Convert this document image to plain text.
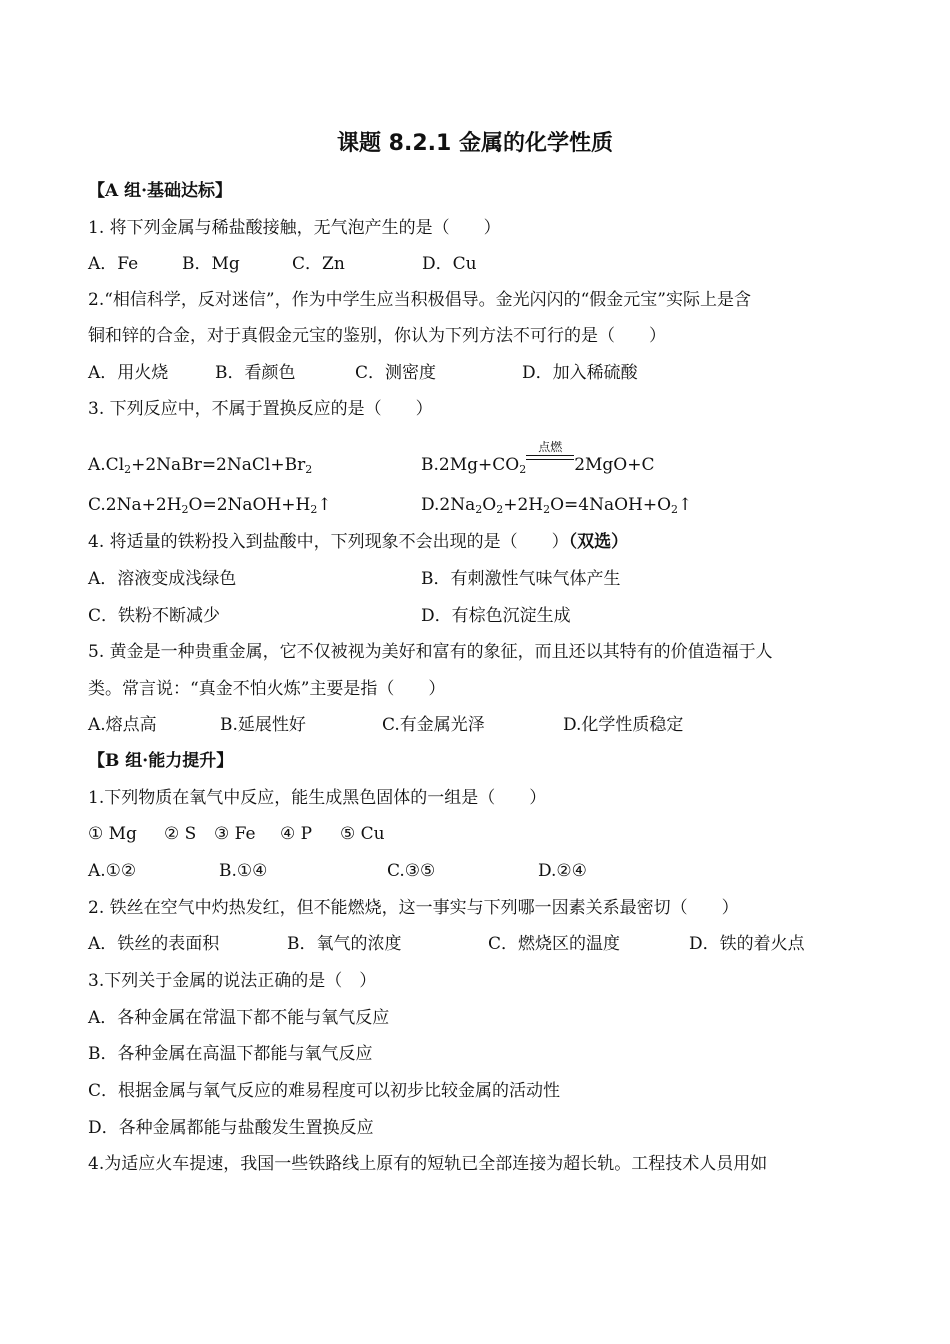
课题 8.2.1 金属的化学性质
【A 组·基础达标】
1. 将下列金属与稀盐酸接触，无气泡产生的是（　　）
A．Fe	B．Mg	C．Zn	D．Cu
2.“相信科学，反对迷信”，作为中学生应当积极倡导。金光闪闪的“假金元宝”实际上是含
铜和锌的合金，对于真假金元宝的鉴别，你认为下列方法不可行的是（　　）
A．用火烧	B．看颜色	C．测密度	D．加入稀硫酸
3. 下列反应中，不属于置换反应的是（　　）
$A.Cl_2+2NaBr=2NaCl+Br_2$	$B.2Mg+CO_2$
点燃
2MgO+C
$C.2Na+2H_2O=2NaOH+H_2↑$	$D.2Na_2O_2+2H_2O=4NaOH+O_2↑$
4. 将适量的铁粉投入到盐酸中，下列现象不会出现的是（　　）（双选）
A．溶液变成浅绿色	B．有刺激性气味气体产生
C．铁粉不断减少	D．有棕色沉淀生成
5. 黄金是一种贵重金属，它不仅被视为美好和富有的象征，而且还以其特有的价值造福于人
类。常言说：“真金不怕火炼”主要是指（　　）
A.熔点高	B.延展性好	C.有金属光泽	D.化学性质稳定
【B 组·能力提升】
1.下列物质在氧气中反应，能生成黑色固体的一组是（　　）
① Mg ② S ③ Fe ④ P ⑤ Cu
A.①②	B.①④	C.③⑤	D.②④
2. 铁丝在空气中灼热发红，但不能燃烧，这一事实与下列哪一因素关系最密切（　　）
A．铁丝的表面积	B．氧气的浓度	C．燃烧区的温度	D．铁的着火点
3.下列关于金属的说法正确的是（　）
A．各种金属在常温下都不能与氧气反应
B．各种金属在高温下都能与氧气反应
C．根据金属与氧气反应的难易程度可以初步比较金属的活动性
D．各种金属都能与盐酸发生置换反应
4.为适应火车提速，我国一些铁路线上原有的短轨已全部连接为超长轨。工程技术人员用如
